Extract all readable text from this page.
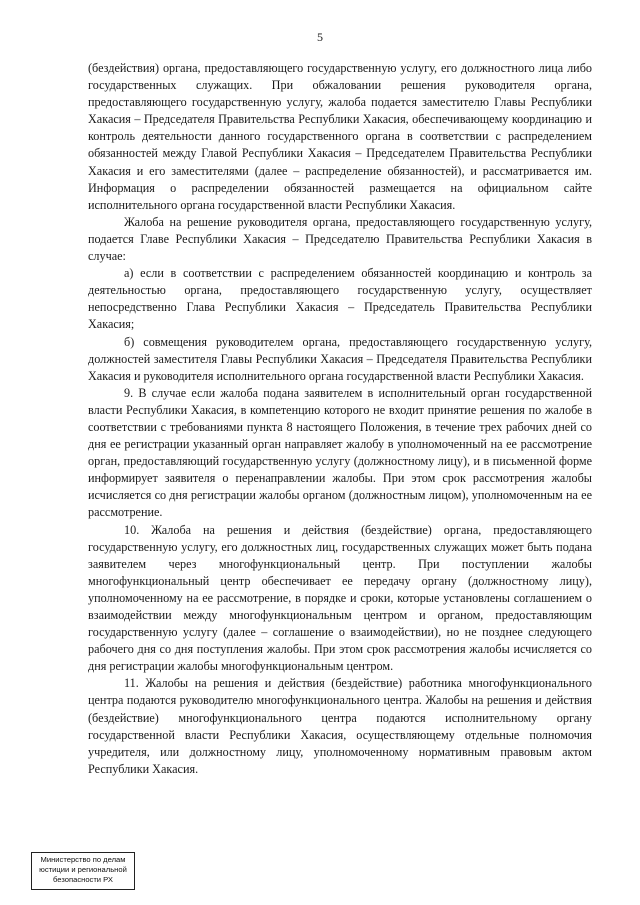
5

(бездействия) органа, предоставляющего государственную услугу, его должностного лица либо государственных служащих. При обжаловании решения руководителя органа, предоставляющего государственную услугу, жалоба подается заместителю Главы Республики Хакасия – Председателя Правительства Республики Хакасия, обеспечивающему координацию и контроль деятельности данного государственного органа в соответствии с распределением обязанностей между Главой Республики Хакасия – Председателем Правительства Республики Хакасия и его заместителями (далее – распределение обязанностей), и рассматривается им. Информация о распределении обязанностей размещается на официальном сайте исполнительного органа государственной власти Республики Хакасия.

Жалоба на решение руководителя органа, предоставляющего государственную услугу, подается Главе Республики Хакасия – Председателю Правительства Республики Хакасия в случае:

а) если в соответствии с распределением обязанностей координацию и контроль за деятельностью органа, предоставляющего государственную услугу, осуществляет непосредственно Глава Республики Хакасия – Председатель Правительства Республики Хакасия;

б) совмещения руководителем органа, предоставляющего государственную услугу, должностей заместителя Главы Республики Хакасия – Председателя Правительства Республики Хакасия и руководителя исполнительного органа государственной власти Республики Хакасия.

9. В случае если жалоба подана заявителем в исполнительный орган государственной власти Республики Хакасия, в компетенцию которого не входит принятие решения по жалобе в соответствии с требованиями пункта 8 настоящего Положения, в течение трех рабочих дней со дня ее регистрации указанный орган направляет жалобу в уполномоченный на ее рассмотрение орган, предоставляющий государственную услугу (должностному лицу), и в письменной форме информирует заявителя о перенаправлении жалобы. При этом срок рассмотрения жалобы исчисляется со дня регистрации жалобы органом (должностным лицом), уполномоченным на ее рассмотрение.

10. Жалоба на решения и действия (бездействие) органа, предоставляющего государственную услугу, его должностных лиц, государственных служащих может быть подана заявителем через многофункциональный центр. При поступлении жалобы многофункциональный центр обеспечивает ее передачу органу (должностному лицу), уполномоченному на ее рассмотрение, в порядке и сроки, которые установлены соглашением о взаимодействии между многофункциональным центром и органом, предоставляющим государственную услугу (далее – соглашение о взаимодействии), но не позднее следующего рабочего дня со дня поступления жалобы. При этом срок рассмотрения жалобы исчисляется со дня регистрации жалобы многофункциональным центром.

11. Жалобы на решения и действия (бездействие) работника многофункционального центра подаются руководителю многофункционального центра. Жалобы на решения и действия (бездействие) многофункционального центра подаются исполнительному органу государственной власти Республики Хакасия, осуществляющему отдельные полномочия учредителя, или должностному лицу, уполномоченному нормативным правовым актом Республики Хакасия.

Министерство по делам
юстиции и региональной
безопасности РХ
